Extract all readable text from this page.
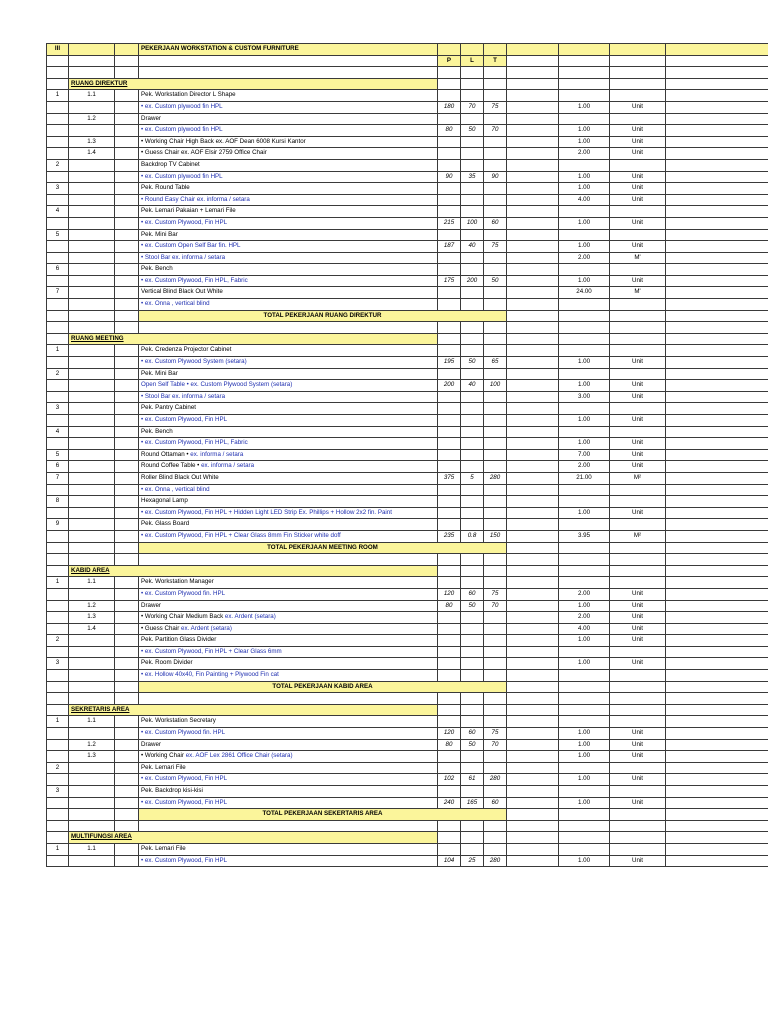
III			PEKERJAAN WORKSTATION & CUSTOM FURNITURE							
				P	L	T				

	RUANG DIREKTUR									
1	1.1		Pek. Workstation Director L Shape							
			• ex. Custom plywood fin HPL	180	70	75		1.00	Unit	
	1.2		Drawer							
			• ex. Custom plywood fin HPL	80	50	70		1.00	Unit	
	1.3		• Working Chair High Back ex. AOF Dean 6008 Kursi Kantor					1.00	Unit	
	1.4		• Guess Chair ex. AOF Elsir 2759 Office Chair					2.00	Unit	
2			Backdrop TV Cabinet							
			• ex. Custom plywood fin HPL	90	35	90		1.00	Unit	
3			Pek. Round Table					1.00	Unit	
			• Round Easy Chair ex. informa / setara					4.00	Unit	
4			Pek. Lemari Pakaian + Lemari File							
			• ex. Custom Plywood, Fin HPL	215	100	60		1.00	Unit	
5			Pek. Mini Bar							
			• ex. Custom Open Self Bar fin. HPL	187	40	75		1.00	Unit	
			• Stool Bar ex. informa / setara					2.00	M'	
6			Pek. Bench							
			• ex. Custom Plywood, Fin HPL, Fabric	175	200	50		1.00	Unit	
7			Vertical Blind Black Out White					24.00	M'	
			• ex. Onna , vertical blind							
			TOTAL PEKERJAAN RUANG DIREKTUR							

	RUANG MEETING									
1			Pek. Credenza Projector Cabinet							
			• ex. Custom Plywood System (setara)	195	50	65		1.00	Unit	
2			Pek. Mini Bar							
			Open Self Table • ex. Custom Plywood System (setara)	200	40	100		1.00	Unit	
			• Stool Bar ex. informa / setara					3.00	Unit	
3			Pek. Pantry Cabinet							
			• ex. Custom Plywood, Fin HPL					1.00	Unit	
4			Pek. Bench							
			• ex. Custom Plywood, Fin HPL, Fabric					1.00	Unit	
5			Round Ottaman • ex. informa / setara					7.00	Unit	
6			Round Coffee Table • ex. informa / setara					2.00	Unit	
7			Roller Blind Black Out White	375	5	280		21.00	M²	
			• ex. Onna , vertical blind							
8			Hexagonal Lamp							
			• ex. Custom Plywood, Fin HPL + Hidden Light LED Strip Ex. Phillips + Hollow 2x2 fin. Paint					1.00	Unit	
9			Pek. Glass Board							
			• ex. Custom Plywood, Fin HPL + Clear Glass 8mm Fin Sticker white doff	235	0.8	150		3.95	M²	
			TOTAL PEKERJAAN MEETING ROOM							

	KABID AREA									
1	1.1		Pek. Workstation Manager							
			• ex. Custom Plywood fin. HPL	120	60	75		2.00	Unit	
	1.2		Drawer	80	50	70		1.00	Unit	
	1.3		• Working Chair Medium Back ex. Ardent (setara)					2.00	Unit	
	1.4		• Guess Chair ex. Ardent (setara)					4.00	Unit	
2			Pek. Partition Glass Divider					1.00	Unit	
			• ex. Custom Plywood, Fin HPL + Clear Glass 6mm							
3			Pek. Room Divider					1.00	Unit	
			• ex. Hollow 40x40, Fin Painting + Plywood Fin cat							
			TOTAL PEKERJAAN KABID AREA							

	SEKRETARIS AREA									
1	1.1		Pek. Workstation Secretary							
			• ex. Custom Plywood fin. HPL	120	60	75		1.00	Unit	
	1.2		Drawer	80	50	70		1.00	Unit	
	1.3		• Working Chair ex. AOF Lex 2861 Office Chair (setara)					1.00	Unit	
2			Pek. Lemari File							
			• ex. Custom Plywood, Fin HPL	102	61	280		1.00	Unit	
3			Pek. Backdrop kisi-kisi							
			• ex. Custom Plywood, Fin HPL	240	165	60		1.00	Unit	
			TOTAL PEKERJAAN SEKERTARIS AREA							

	MULTIFUNGSI AREA									
1	1.1		Pek. Lemari File							
			• ex. Custom Plywood, Fin HPL	104	25	280		1.00	Unit	
